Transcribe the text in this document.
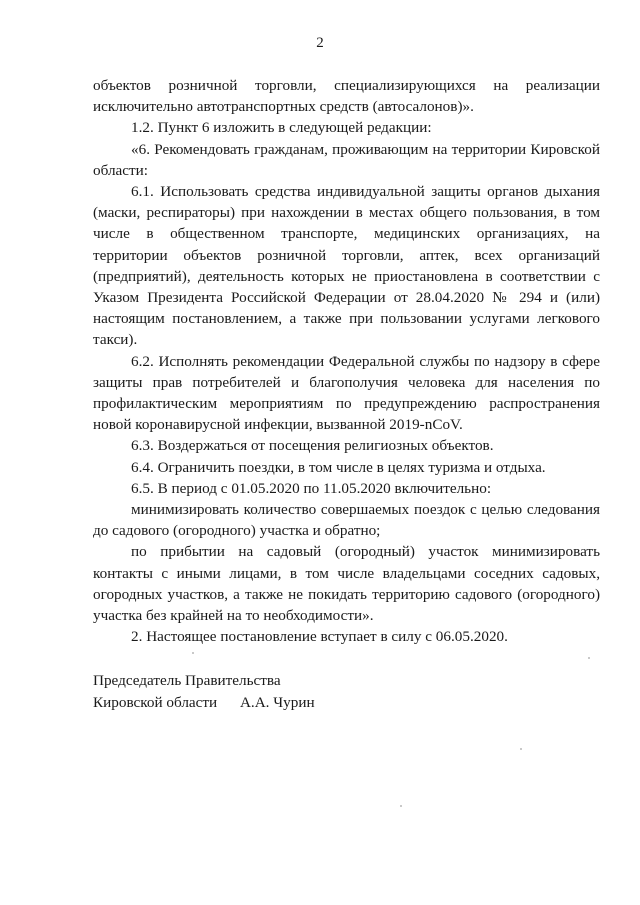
2

объектов розничной торговли, специализирующихся на реализации исключительно автотранспортных средств (автосалонов)».

1.2. Пункт 6 изложить в следующей редакции:

«6. Рекомендовать гражданам, проживающим на территории Кировской области:

6.1. Использовать средства индивидуальной защиты органов дыхания (маски, респираторы) при нахождении в местах общего пользования, в том числе в общественном транспорте, медицинских организациях, на территории объектов розничной торговли, аптек, всех организаций (предприятий), деятельность которых не приостановлена в соответствии с Указом Президента Российской Федерации от 28.04.2020 № 294 и (или) настоящим постановлением, а также при пользовании услугами легкового такси).

6.2. Исполнять рекомендации Федеральной службы по надзору в сфере защиты прав потребителей и благополучия человека для населения по профилактическим мероприятиям по предупреждению распространения новой коронавирусной инфекции, вызванной 2019-nCoV.

6.3. Воздержаться от посещения религиозных объектов.

6.4. Ограничить поездки, в том числе в целях туризма и отдыха.

6.5. В период с 01.05.2020 по 11.05.2020 включительно:

минимизировать количество совершаемых поездок с целью следования до садового (огородного) участка и обратно;

по прибытии на садовый (огородный) участок минимизировать контакты с иными лицами, в том числе владельцами соседних садовых, огородных участков, а также не покидать территорию садового (огородного) участка без крайней на то необходимости».

2. Настоящее постановление вступает в силу с 06.05.2020.

Председатель Правительства
Кировской области А.А. Чурин
